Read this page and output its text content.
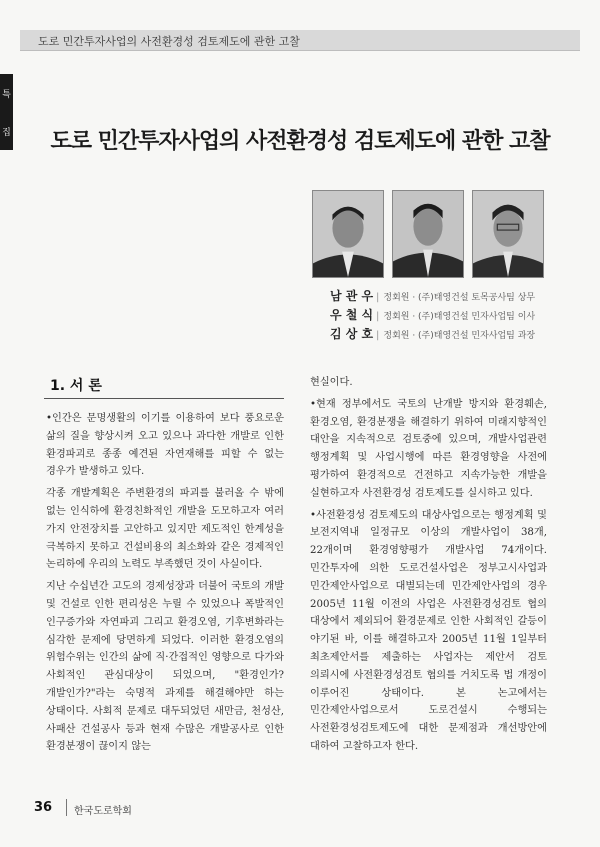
도로 민간투자사업의 사전환경성 검토제도에 관한 고찰
특
집	도로 민간투자사업의 사전환경성 검토제도에 관한 고찰
남 관 우 | 정회원 · (주)태영건설 토목공사팀 상무
우 철 식 | 정회원 · (주)태영건설 민자사업팀 이사
김 상 호 | 정회원 · (주)태영건설 민자사업팀 과장
1. 서 론

•인간은 문명생활의 이기를 이용하여 보다 풍요로운 삶의 질을 향상시켜 오고 있으나 과다한 개발로 인한 환경파괴로 종종 예견된 자연재해를 피할 수 없는 경우가 발생하고 있다.

각종 개발계획은 주변환경의 파괴를 불러올 수 밖에 없는 인식하에 환경친화적인 개발을 도모하고자 여러 가지 안전장치를 고안하고 있지만 제도적인 한계성을 극복하지 못하고 건설비용의 최소화와 같은 경제적인 논리하에 우리의 노력도 부족했던 것이 사실이다.

지난 수십년간 고도의 경제성장과 더불어 국토의 개발 및 건설로 인한 편리성은 누릴 수 있었으나 폭발적인 인구증가와 자연파괴 그리고 환경오염, 기후변화라는 심각한 문제에 당면하게 되었다. 이러한 환경오염의 위험수위는 인간의 삶에 직·간접적인 영향으로 다가와 사회적인 관심대상이 되었으며, "환경인가? 개발인가?"라는 숙명적 과제를 해결해야만 하는 상태이다. 사회적 문제로 대두되었던 새만금, 천성산, 사패산 건설공사 등과 현재 수많은 개발공사로 인한 환경분쟁이 끊이지 않는

현실이다.

•현재 정부에서도 국토의 난개발 방지와 환경훼손, 환경오염, 환경분쟁을 해결하기 위하여 미래지향적인 대안을 지속적으로 검토중에 있으며, 개발사업관련 행정계획 및 사업시행에 따른 환경영향을 사전에 평가하여 환경적으로 건전하고 지속가능한 개발을 실현하고자 사전환경성 검토제도를 실시하고 있다.

•사전환경성 검토제도의 대상사업으로는 행정계획 및 보전지역내 일정규모 이상의 개발사업이 38개, 22개이며 환경영향평가 개발사업 74개이다. 민간투자에 의한 도로건설사업은 정부고시사업과 민간제안사업으로 대별되는데 민간제안사업의 경우 2005년 11월 이전의 사업은 사전환경성검토 협의 대상에서 제외되어 환경문제로 인한 사회적인 갈등이 야기된 바, 이를 해결하고자 2005년 11월 1일부터 최초제안서를 제출하는 사업자는 제안서 검토 의뢰시에 사전환경성검토 협의를 거치도록 법 개정이 이루어진 상태이다. 본 논고에서는 민간제안사업으로서 도로건설시 수행되는 사전환경성검토제도에 대한 문제점과 개선방안에 대하여 고찰하고자 한다.

36 한국도로학회
